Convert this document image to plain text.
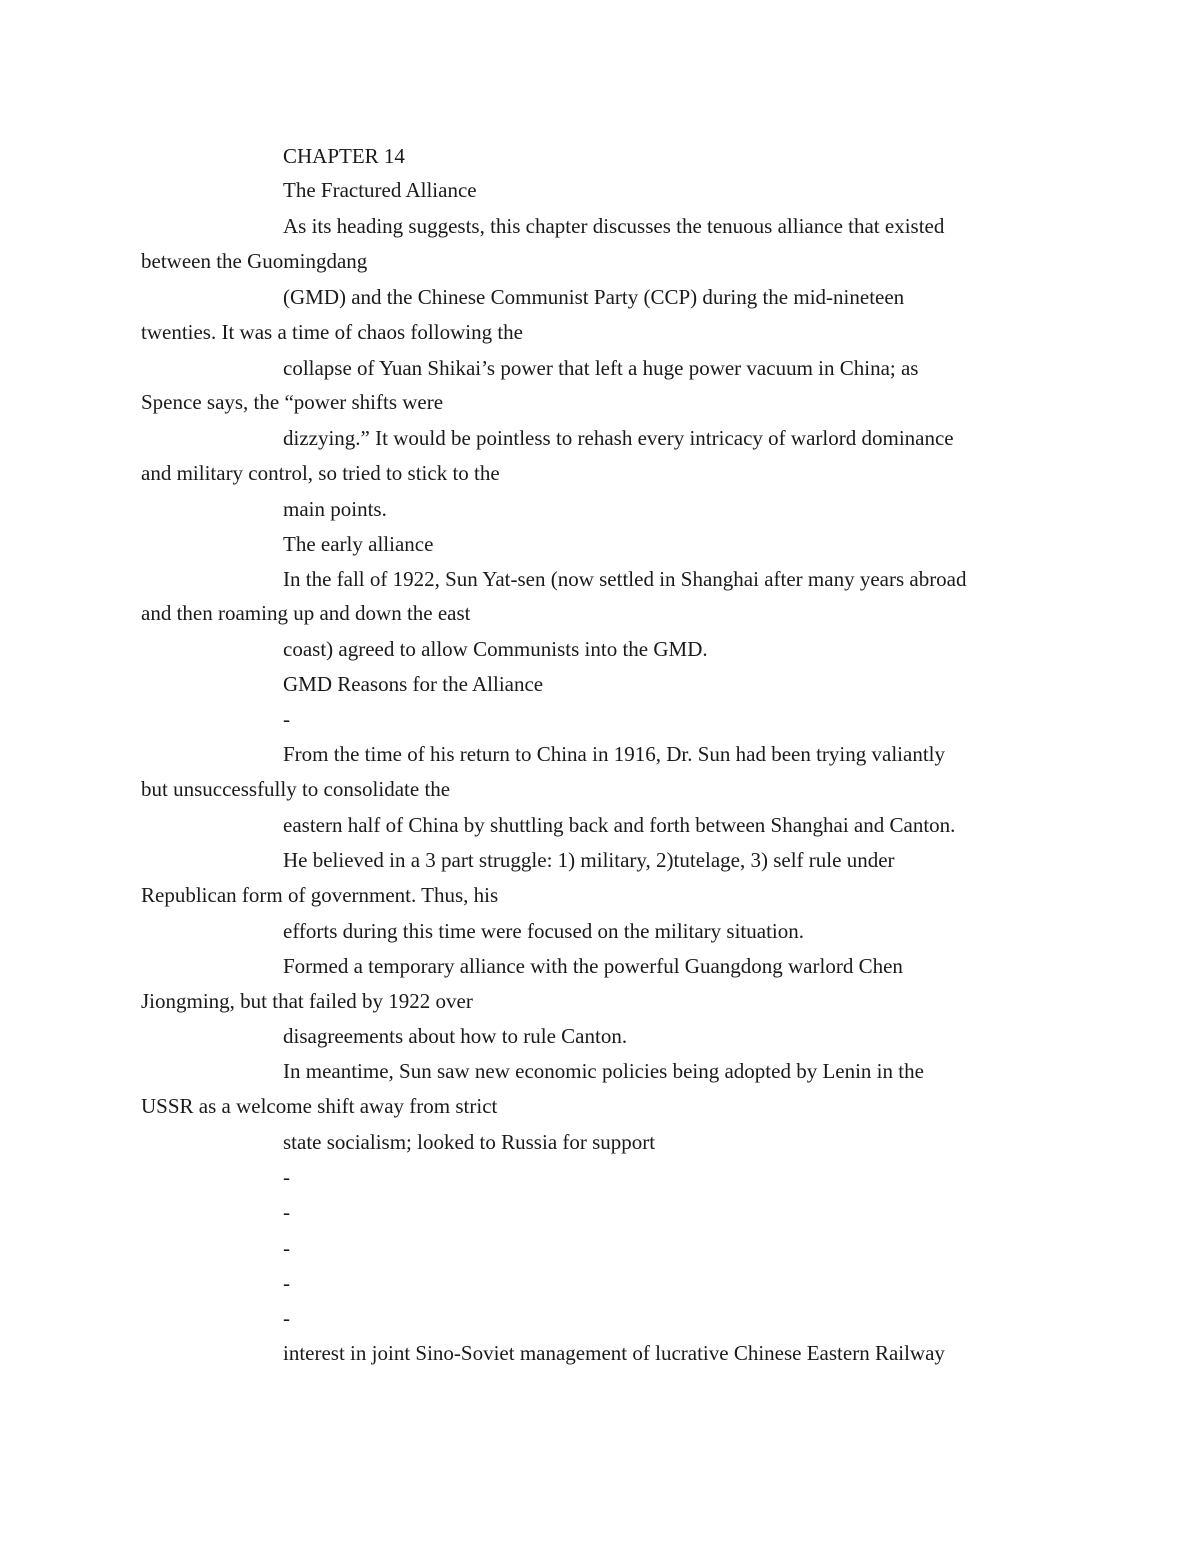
CHAPTER 14

The Fractured Alliance

As its heading suggests, this chapter discusses the tenuous alliance that existed

between the Guomingdang

(GMD) and the Chinese Communist Party (CCP) during the mid-nineteen

twenties. It was a time of chaos following the

collapse of Yuan Shikai’s power that left a huge power vacuum in China; as

Spence says, the “power shifts were

dizzying.” It would be pointless to rehash every intricacy of warlord dominance

and military control, so tried to stick to the

main points.

The early alliance

In the fall of 1922, Sun Yat-sen (now settled in Shanghai after many years abroad

and then roaming up and down the east

coast) agreed to allow Communists into the GMD.

GMD Reasons for the Alliance

-

From the time of his return to China in 1916, Dr. Sun had been trying valiantly

but unsuccessfully to consolidate the

eastern half of China by shuttling back and forth between Shanghai and Canton.

He believed in a 3 part struggle: 1) military, 2)tutelage, 3) self rule under

Republican form of government. Thus, his

efforts during this time were focused on the military situation.

Formed a temporary alliance with the powerful Guangdong warlord Chen

Jiongming, but that failed by 1922 over

disagreements about how to rule Canton.

In meantime, Sun saw new economic policies being adopted by Lenin in the

USSR as a welcome shift away from strict

state socialism; looked to Russia for support

-

-

-

-

-

interest in joint Sino-Soviet management of lucrative Chinese Eastern Railway
